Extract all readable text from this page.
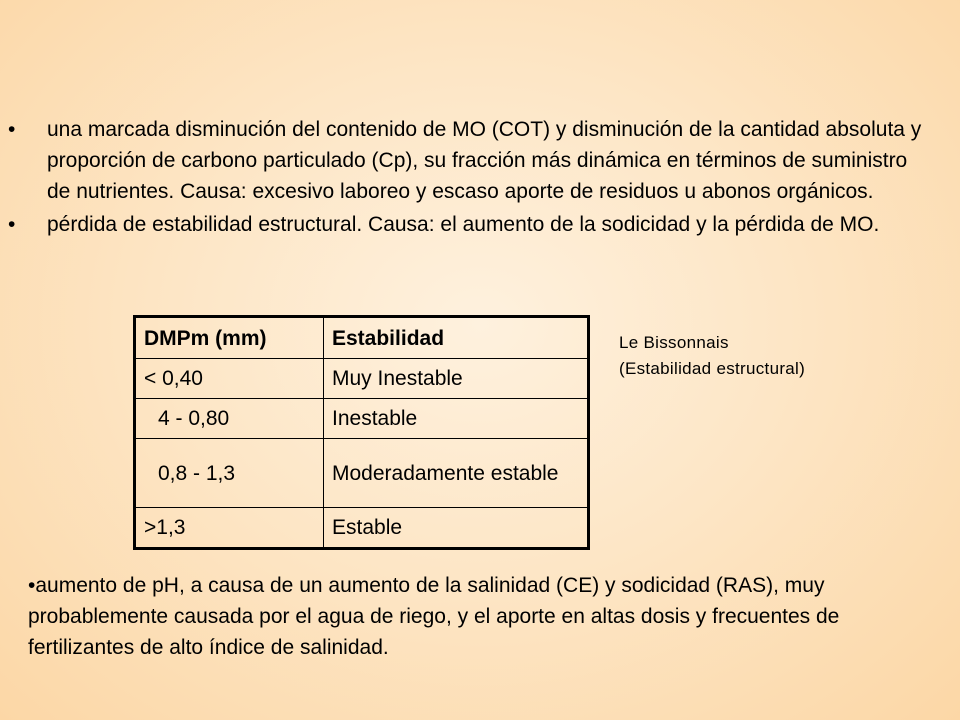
• una marcada disminución del contenido de MO (COT) y disminución de la cantidad absoluta y proporción de carbono particulado (Cp), su fracción más dinámica en términos de suministro de nutrientes. Causa: excesivo laboreo y escaso aporte de residuos u abonos orgánicos.
• pérdida de estabilidad estructural. Causa: el aumento de la sodicidad y la pérdida de MO.
DMPm (mm)	Estabilidad
< 0,40	Muy Inestable
4 - 0,80	Inestable
0,8 - 1,3	Moderadamente estable
>1,3	Estable
Le Bissonnais
(Estabilidad estructural)
•aumento de pH, a causa de un aumento de la salinidad (CE) y sodicidad (RAS), muy probablemente causada por el agua de riego, y el aporte en altas dosis y frecuentes de fertilizantes de alto índice de salinidad.
